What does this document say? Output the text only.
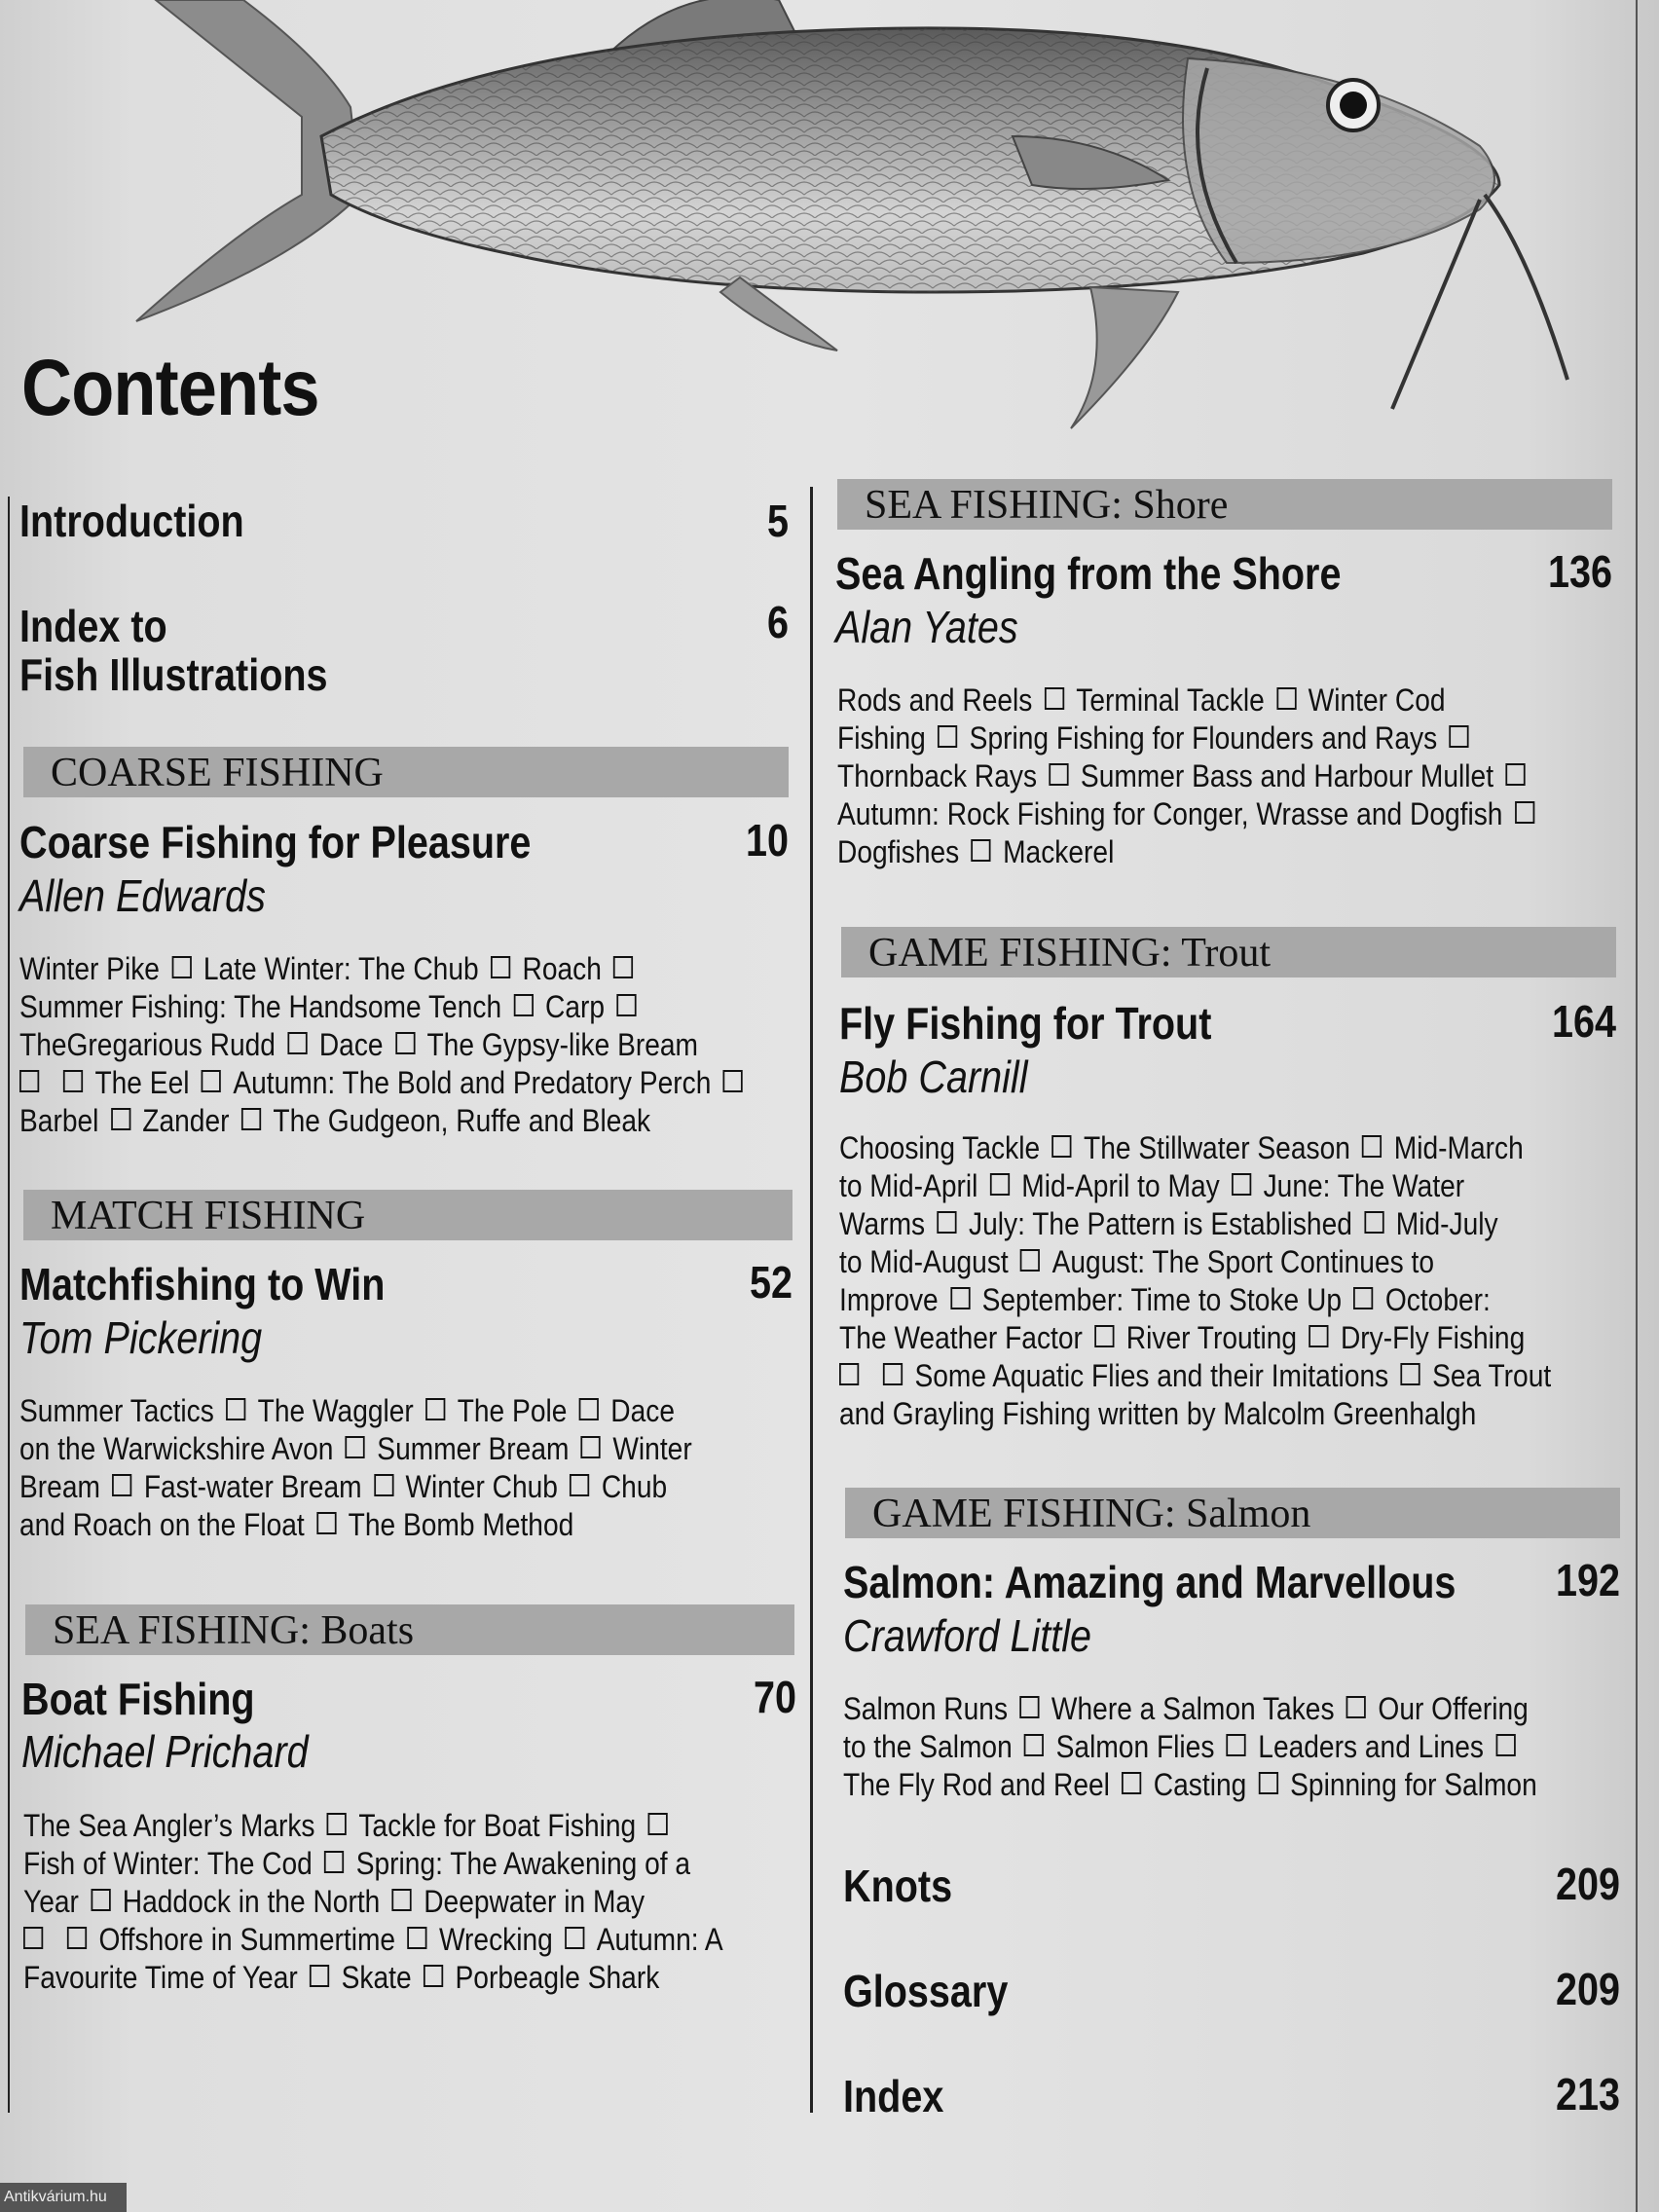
Contents
Introduction	5
Index to
Fish Illustrations
6
COARSE FISHING
Coarse Fishing for Pleasure	10
Allen Edwards
Winter Pike Late Winter: The Chub Roach
Summer Fishing: The Handsome Tench Carp
TheGregarious Rudd Dace The Gypsy-like Bream
The Eel Autumn: The Bold and Predatory Perch
Barbel Zander The Gudgeon, Ruffe and Bleak
MATCH FISHING
Matchfishing to Win	52
Tom Pickering
Summer Tactics The Waggler The Pole Dace
on the Warwickshire Avon Summer Bream Winter
Bream Fast-water Bream Winter Chub Chub
and Roach on the Float The Bomb Method
SEA FISHING: Boats
Boat Fishing	70
Michael Prichard
The Sea Angler’s Marks Tackle for Boat Fishing
Fish of Winter: The Cod Spring: The Awakening of a
Year Haddock in the North Deepwater in May
Offshore in Summertime Wrecking Autumn: A
Favourite Time of Year Skate Porbeagle Shark
SEA FISHING: Shore
Sea Angling from the Shore	136
Alan Yates
Rods and Reels Terminal Tackle Winter Cod
Fishing Spring Fishing for Flounders and Rays
Thornback Rays Summer Bass and Harbour Mullet
Autumn: Rock Fishing for Conger, Wrasse and Dogfish
Dogfishes Mackerel
GAME FISHING: Trout
Fly Fishing for Trout	164
Bob Carnill
Choosing Tackle The Stillwater Season Mid-March
to Mid-April Mid-April to May June: The Water
Warms July: The Pattern is Established Mid-July
to Mid-August August: The Sport Continues to
Improve September: Time to Stoke Up October:
The Weather Factor River Trouting Dry-Fly Fishing
Some Aquatic Flies and their Imitations Sea Trout
and Grayling Fishing written by Malcolm Greenhalgh
GAME FISHING: Salmon
Salmon: Amazing and Marvellous	192
Crawford Little
Salmon Runs Where a Salmon Takes Our Offering
to the Salmon Salmon Flies Leaders and Lines
The Fly Rod and Reel Casting Spinning for Salmon
Knots	209
Glossary	209
Index	213
Antikvárium.hu
